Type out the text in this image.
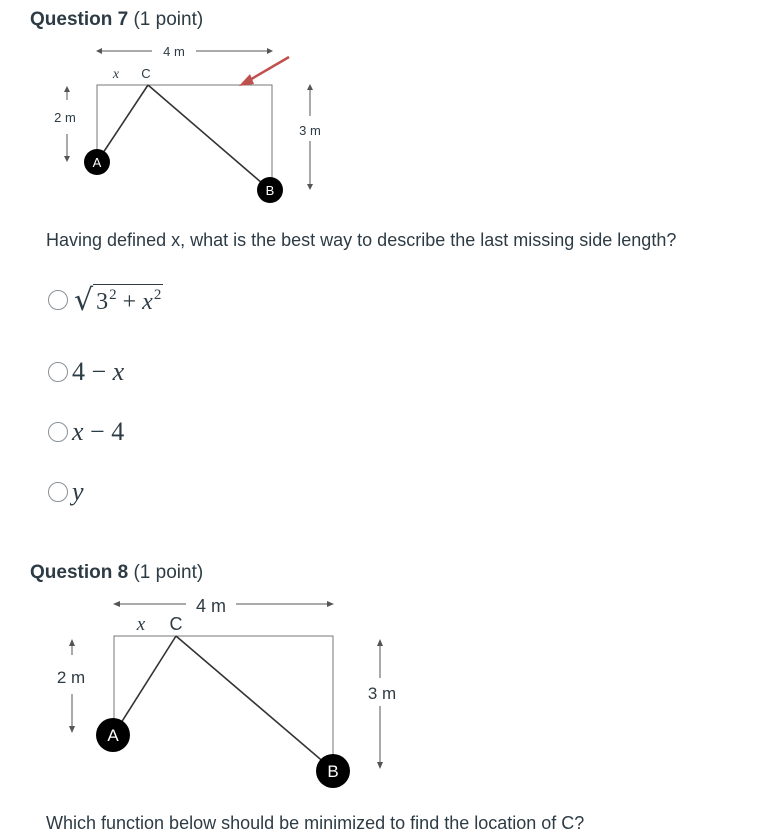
Question 7 (1 point)
4 m
x C
2 m
3 m
A
B
Having defined x, what is the best way to describe the last missing side length?
√ $3^2 + x^2$
4 − x
x − 4
y
Question 8 (1 point)
4 m
x C
2 m
3 m
A
B
Which function below should be minimized to find the location of C?
